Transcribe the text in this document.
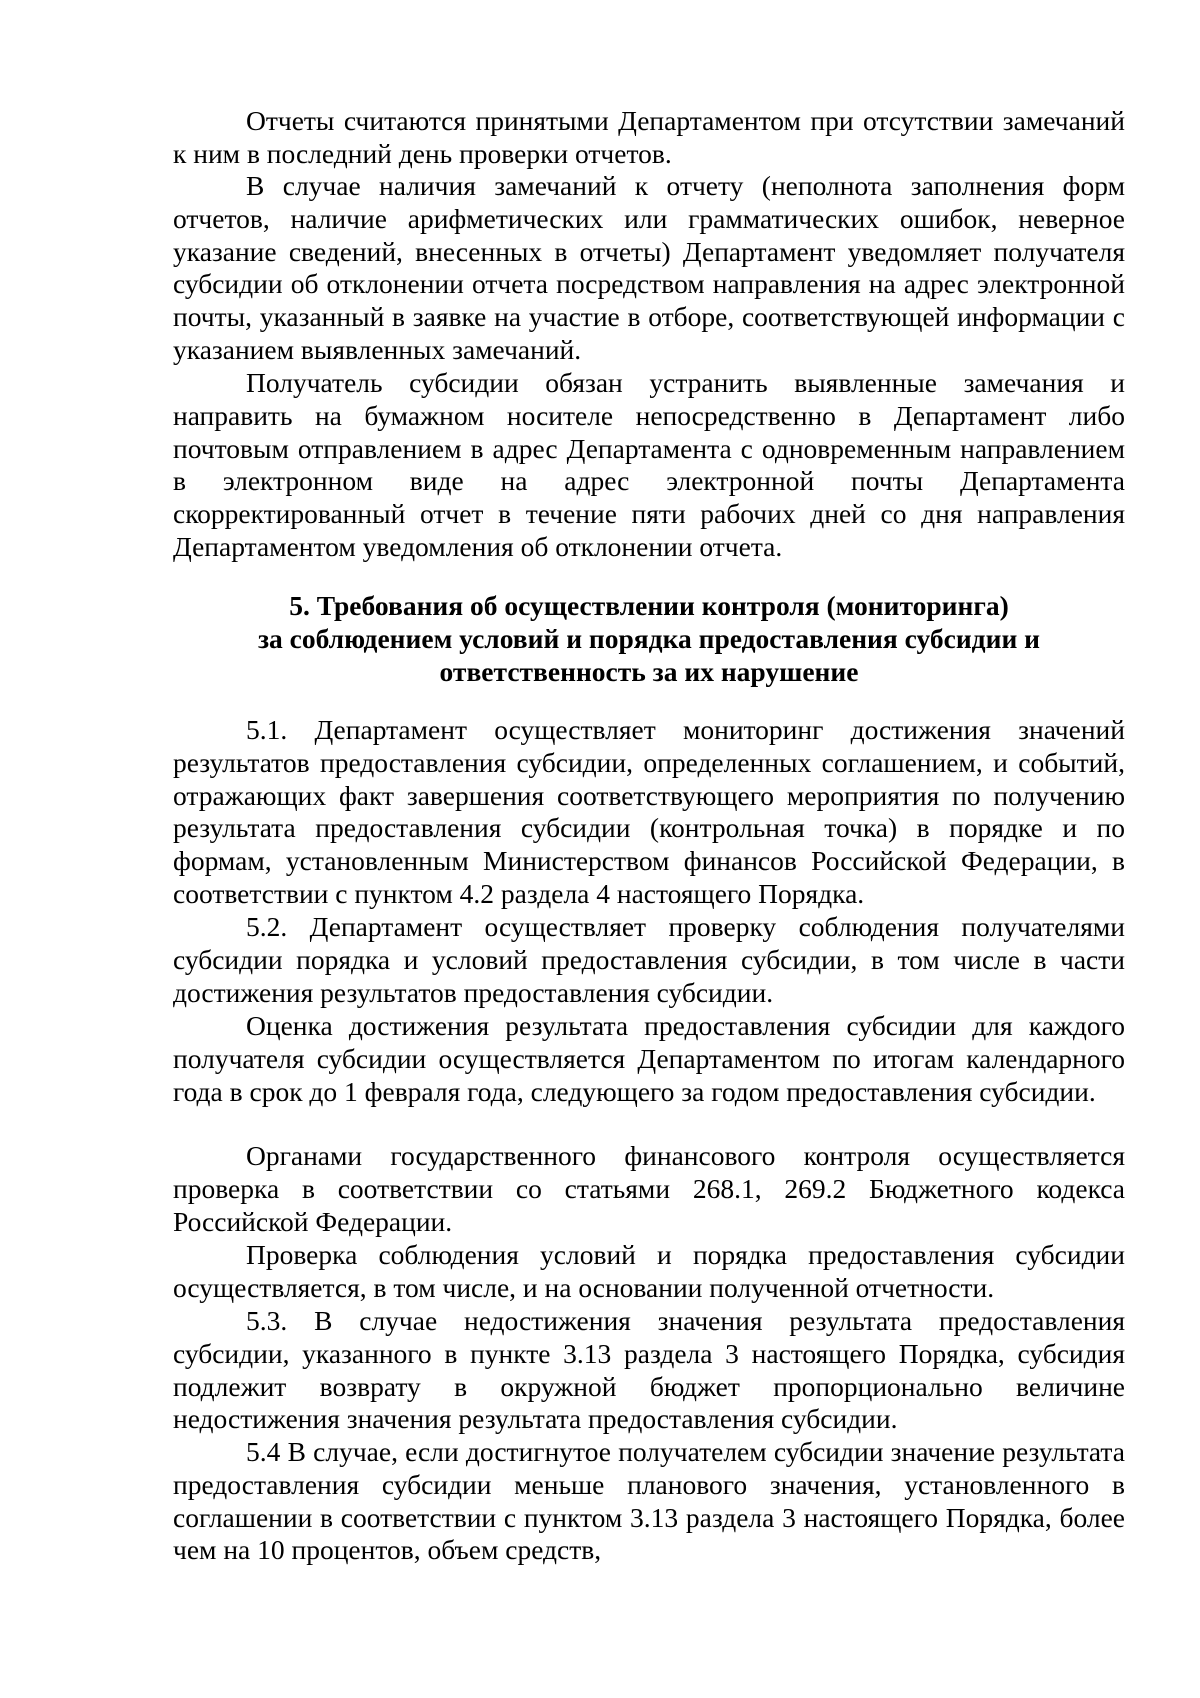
Отчеты считаются принятыми Департаментом при отсутствии замечаний к ним в последний день проверки отчетов.

В случае наличия замечаний к отчету (неполнота заполнения форм отчетов, наличие арифметических или грамматических ошибок, неверное указание сведений, внесенных в отчеты) Департамент уведомляет получателя субсидии об отклонении отчета посредством направления на адрес электронной почты, указанный в заявке на участие в отборе, соответствующей информации с указанием выявленных замечаний.

Получатель субсидии обязан устранить выявленные замечания и направить на бумажном носителе непосредственно в Департамент либо почтовым отправлением в адрес Департамента с одновременным направлением в электронном виде на адрес электронной почты Департамента скорректированный отчет в течение пяти рабочих дней со дня направления Департаментом уведомления об отклонении отчета.

5. Требования об осуществлении контроля (мониторинга)
за соблюдением условий и порядка предоставления субсидии и
ответственность за их нарушение

5.1. Департамент осуществляет мониторинг достижения значений результатов предоставления субсидии, определенных соглашением, и событий, отражающих факт завершения соответствующего мероприятия по получению результата предоставления субсидии (контрольная точка) в порядке и по формам, установленным Министерством финансов Российской Федерации, в соответствии с пунктом 4.2 раздела 4 настоящего Порядка.

5.2. Департамент осуществляет проверку соблюдения получателями субсидии порядка и условий предоставления субсидии, в том числе в части достижения результатов предоставления субсидии.

Оценка достижения результата предоставления субсидии для каждого получателя субсидии осуществляется Департаментом по итогам календарного года в срок до 1 февраля года, следующего за годом предоставления субсидии.

Органами государственного финансового контроля осуществляется проверка в соответствии со статьями 268.1, 269.2 Бюджетного кодекса Российской Федерации.

Проверка соблюдения условий и порядка предоставления субсидии осуществляется, в том числе, и на основании полученной отчетности.

5.3. В случае недостижения значения результата предоставления субсидии, указанного в пункте 3.13 раздела 3 настоящего Порядка, субсидия подлежит возврату в окружной бюджет пропорционально величине недостижения значения результата предоставления субсидии.

5.4 В случае, если достигнутое получателем субсидии значение результата предоставления субсидии меньше планового значения, установленного в соглашении в соответствии с пунктом 3.13 раздела 3 настоящего Порядка, более чем на 10 процентов, объем средств,
